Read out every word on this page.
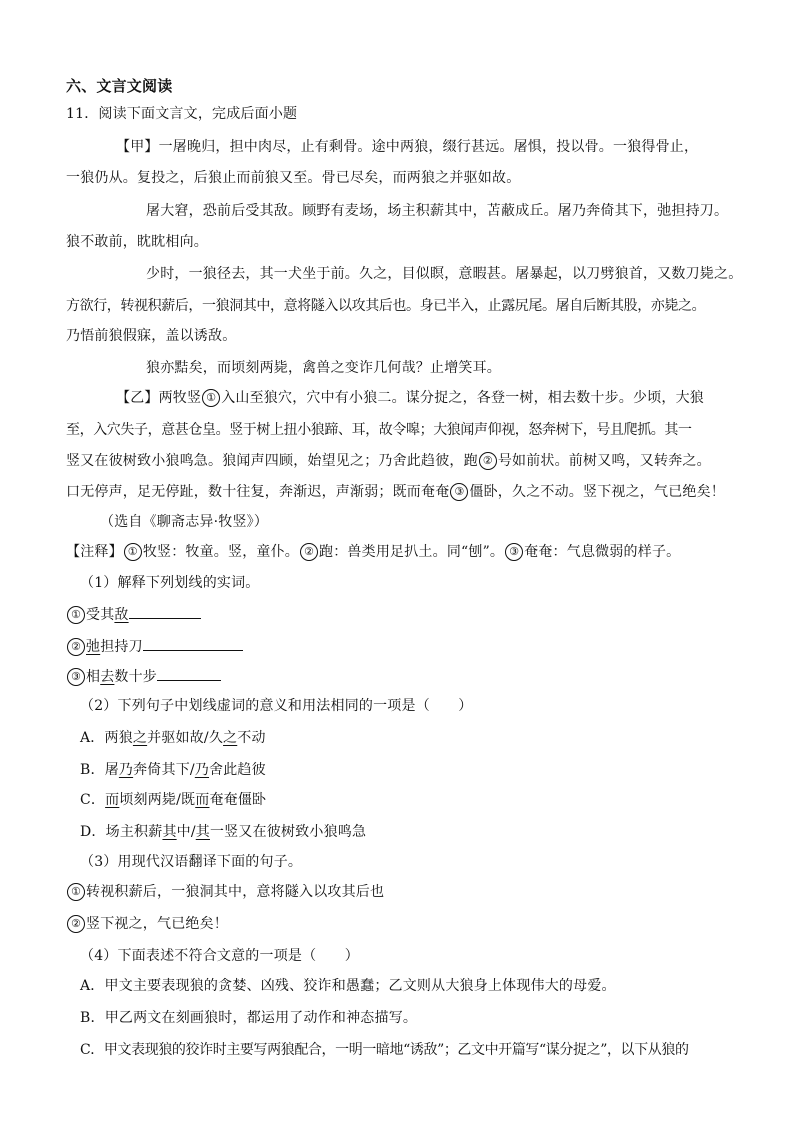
六、文言文阅读
11．阅读下面文言文，完成后面小题
【甲】一屠晚归，担中肉尽，止有剩骨。途中两狼，缀行甚远。屠惧，投以骨。一狼得骨止，
一狼仍从。复投之，后狼止而前狼又至。骨已尽矣，而两狼之并驱如故。
屠大窘，恐前后受其敌。顾野有麦场，场主积薪其中，苫蔽成丘。屠乃奔倚其下，弛担持刀。
狼不敢前，眈眈相向。
少时，一狼径去，其一犬坐于前。久之，目似瞑，意暇甚。屠暴起，以刀劈狼首，又数刀毙之。
方欲行，转视积薪后，一狼洞其中，意将隧入以攻其后也。身已半入，止露尻尾。屠自后断其股，亦毙之。
乃悟前狼假寐，盖以诱敌。
狼亦黠矣，而顷刻两毙，禽兽之变诈几何哉？止增笑耳。
【乙】两牧竖 ① 入山至狼穴，穴中有小狼二。谋分捉之，各登一树，相去数十步。少顷，大狼
至，入穴失子，意甚仓皇。竖于树上扭小狼蹄、耳，故令嗥；大狼闻声仰视，怒奔树下，号且爬抓。其一
竖又在彼树致小狼鸣急。狼闻声四顾，始望见之；乃舍此趋彼，跑 ② 号如前状。前树又鸣，又转奔之。
口无停声，足无停趾，数十往复，奔渐迟，声渐弱；既而奄奄 ③ 僵卧，久之不动。竖下视之，气已绝矣！
（选自《聊斋志异·牧竖》）
【注释】 ① 牧竖：牧童。竖，童仆。 ② 跑：兽类用足扒土。同“刨”。 ③ 奄奄：气息微弱的样子。
（1）解释下列划线的实词。
① 受其敌
② 弛担持刀
③ 相去数十步
（2）下列句子中划线虚词的意义和用法相同的一项是（　　）
A．两狼之并驱如故/久之不动
B．屠乃奔倚其下/乃舍此趋彼
C．而顷刻两毙/既而奄奄僵卧
D．场主积薪其中/其一竖又在彼树致小狼鸣急
（3）用现代汉语翻译下面的句子。
① 转视积薪后，一狼洞其中，意将隧入以攻其后也
② 竖下视之，气已绝矣！
（4）下面表述不符合文意的一项是（　　）
A．甲文主要表现狼的贪婪、凶残、狡诈和愚蠢；乙文则从大狼身上体现伟大的母爱。
B．甲乙两文在刻画狼时，都运用了动作和神态描写。
C．甲文表现狼的狡诈时主要写两狼配合，一明一暗地“诱敌”；乙文中开篇写“谋分捉之”，以下从狼的
